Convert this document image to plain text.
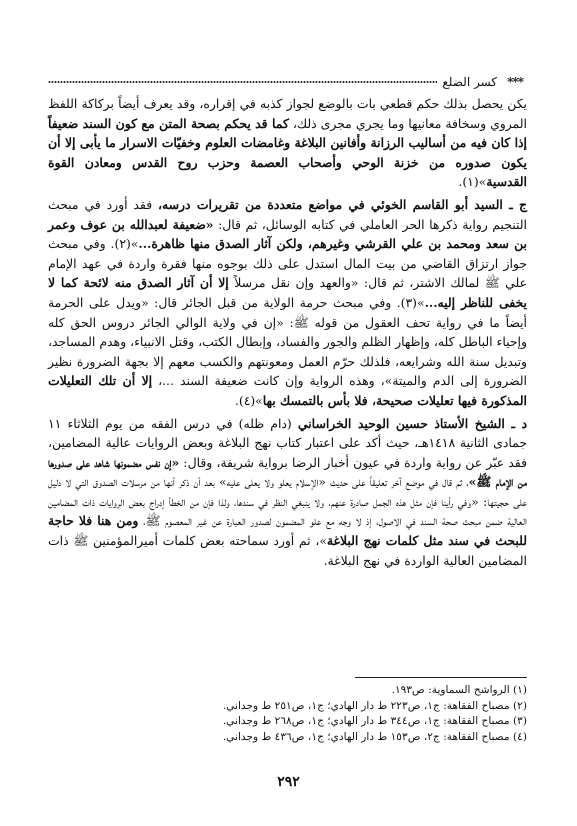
***
كسر الضلع

يكن يحصل بذلك حكم قطعي بات بالوضع لجواز كذبه في إقراره، وقد يعرف أيضاً بركاكة اللفظ المروي وسخافة معانيها وما يجري مجرى ذلك، كما قد يحكم بصحة المتن مع كون السند ضعيفاً إذا كان فيه من أساليب الرزانة وأفانين البلاغة وغامضات العلوم وخفيّات الاسرار ما يأبى إلا أن يكون صدوره من خزنة الوحي وأصحاب العصمة وحزب روح القدس ومعادن القوة القدسية»(١).

ج ـ السيد أبو القاسم الخوئي في مواضع متعددة من تقريرات درسه، فقد أورد في مبحث التنجيم رواية ذكرها الحر العاملي في كتابه الوسائل، ثم قال: «ضعيفة لعبدالله بن عوف وعمر بن سعد ومحمد بن علي القرشي وغيرهم، ولكن آثار الصدق منها ظاهرة...»(٢). وفي مبحث جواز ارتزاق القاضي من بيت المال استدل على ذلك بوجوه منها فقرة واردة في عهد الإمام علي ﷺ لمالك الاشتر، ثم قال: «والعهد وإن نقل مرسلاً إلا أن آثار الصدق منه لائحة كما لا يخفى للناظر إليه...»(٣). وفي مبحث حرمة الولاية من قبل الجائر قال: «ويدل على الحرمة أيضاً ما في رواية تحف العقول من قوله ﷺ: «إن في ولاية الوالي الجائر دروس الحق كله وإحياء الباطل كله، وإظهار الظلم والجور والفساد، وإبطال الكتب، وقتل الانبياء، وهدم المساجد، وتبديل سنة الله وشرايعه، فلذلك حرّم العمل ومعونتهم والكسب معهم إلا بجهة الضرورة نظير الضرورة إلى الدم والميتة»، وهذه الرواية وإن كانت ضعيفة السند ...، إلا أن تلك التعليلات المذكورة فيها تعليلات صحيحة، فلا بأس بالتمسك بها»(٤).

د ـ الشيخ الأستاذ حسين الوحيد الخراساني (دام ظله) في درس الفقه من يوم الثلاثاء ١١ جمادى الثانية ١٤١٨هـ، حيث أكد على اعتبار كتاب نهج البلاغة وبعض الروايات عالية المضامين، فقد عبّر عن رواية واردة في عيون أخبار الرضا برواية شريفة، وقال: «إن نفس مضمونها شاهد على صدورها من الإمام ﷺ»، ثم قال في موضع آخر تعليقاً على حديث «الإسلام يعلو ولا يعلى عليه» بعد أن ذكر أنها من مرسلات الصدوق التي لا دليل على حجيتها: «وفي رأينا فإن مثل هذه الجمل صادرة عنهم، ولا ينبغي النظر في سندها، ولذا فإن من الخطأ إدراج بعض الروايات ذات المضامين العالية ضمن مبحث صحة السند في الاصول، إذ لا وجه مع علو المضمون لصدور العبارة عن غير المعصوم ﷺ، ومن هنا فلا حاجة للبحث في سند مثل كلمات نهج البلاغة»، ثم أورد سماحته بعض كلمات أميرالمؤمنين ﷺ ذات المضامين العالية الواردة في نهج البلاغة.

(١) الرواشح السماوية: ص١٩٣.
(٢) مصباح الفقاهة: ج١، ص٢٢٣ ط دار الهادي؛ ج١، ص٢٥١ ط وجداني.
(٣) مصباح الفقاهة: ج١، ص٣٤٤ ط دار الهادي؛ ج١، ص٢٦٨ ط وجداني.
(٤) مصباح الفقاهة: ج٢، ص١٥٣ ط دار الهادي؛ ج١، ص٤٣٦ ط وجداني.
٢٩٢
